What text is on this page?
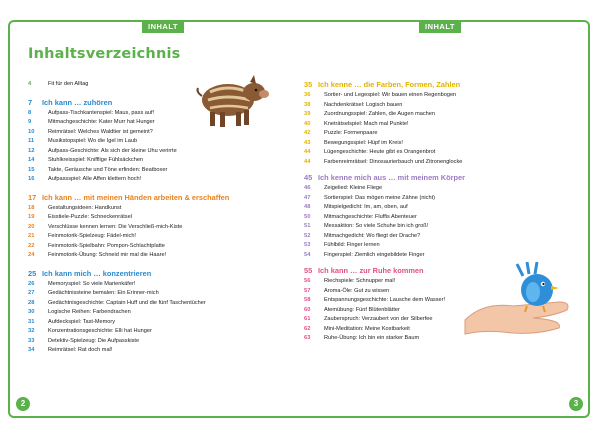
INHALT	INHALT
2	3
Inhaltsverzeichnis
4	Fit für den Alltag
7	Ich kann … zuhören
8	Aufpass-Tischkantenspiel: Maus, pass auf!
9	Mitmachgeschichte: Kater Murr hat Hunger
10	Reimrätsel: Welches Waldtier ist gemeint?
11	Musikstopspiel: Wo die Igel im Laub
12	Aufpass-Geschichte: Als sich der kleine Uhu verirrte
14	Stuhlkreisspiel: Knifflige Fühlsäckchen
15	Takte, Geräusche und Töne erfinden: Beatboxer
16	Aufpassspiel: Alle Affen klettern hoch!
17 Ich kann … mit meinen Händen arbeiten & erschaffen
18	Gestaltungsideen: Handkunst
19	Eisstiele-Puzzle: Schneckenrätsel
20	Verschlüsse kennen lernen: Die Verschließ-mich-Kiste
21	Feinmotorik-Spielzeug: Fädel-mich!
22	Feinmotorik-Spielbahn: Pompon-Schlachtplatte
24	Feinmotorik-Übung: Schneid mir mal die Haare!
25 Ich kann mich … konzentrieren
26	Memoryspiel: So viele Marienkäfer!
27	Gedächtnissteine bemalen: Ein Erinner-mich
28	Gedächtnisgeschichte: Captain Huff und die fünf Taschentücher
30	Logische Reihen: Farbendrachen
31	Aufdeckspiel: Tast-Memory
32	Konzentrationsgeschichte: Elli hat Hunger
33	Detektiv-Spielzeug: Die Aufpasskiste
34	Reimrätsel: Rat doch mal!
35 Ich kenne … die Farben, Formen, Zahlen
36	Sortier- und Legespiel: Wir bauen einen Regenbogen
38	Nachdenkrätsel: Logisch bauen
39	Zuordnungsspiel: Zahlen, die Augen machen
40	Kneträtselspiel: Mach mal Punkte!
42	Puzzle: Formenpaare
43	Bewegungsspiel: Hüpf im Kreis!
44	Lügengeschichte: Heute gibt es Orangenbrot
44	Farbenreimrätsel: Dinosaurierbauch und Zitronenglocke
45 Ich kenne mich aus … mit meinem Körper
46	Zeigelied: Kleine Fliege
47	Sortierspiel: Das mögen meine Zähne (nicht)
48	Mitspielgedicht: Im, am, oben, auf
50	Mitmachgeschichte: Fluffis Abenteuer
51	Messaktion: So viele Schuhe bin ich groß!
52	Mitmachgedicht: Wo fliegt der Drache?
53	Fühlbild: Finger lernen
54	Fingerspiel: Ziemlich eingebildete Finger
55 Ich kann … zur Ruhe kommen
56	Riechspiele: Schnupper mal!
57	Aroma-Öle: Gut zu wissen
58	Entspannungsgeschichte: Lausche dem Wasser!
60	Atemübung: Fünf Blütenblätter
61	Zauberspruch: Verzaubert von der Silberfee
62	Mini-Meditation: Meine Kostbarkeit
63	Ruhe-Übung: Ich bin ein starker Baum
